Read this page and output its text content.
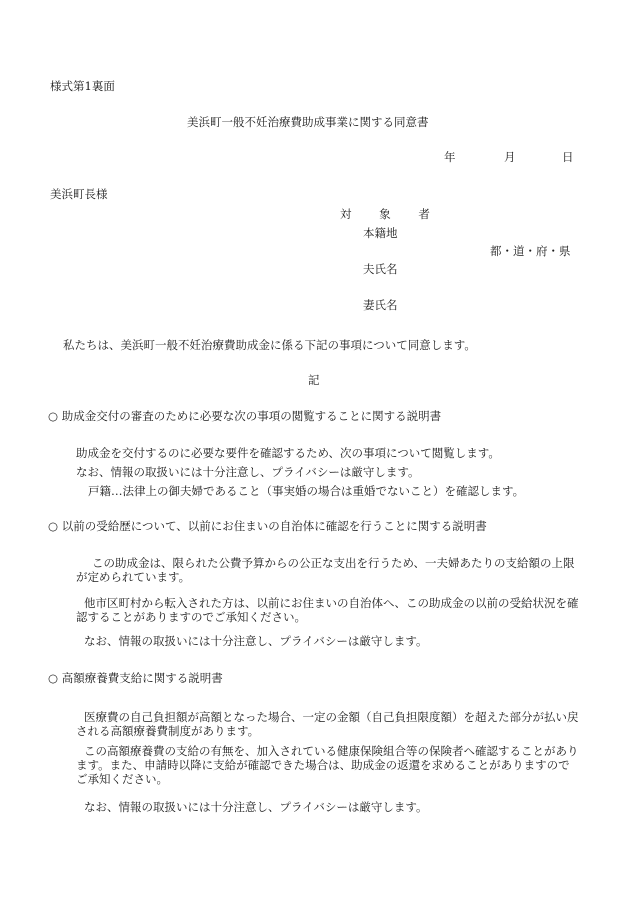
様式第1裏面
美浜町一般不妊治療費助成事業に関する同意書
年	月	日
美浜町長様
対 象 者
本籍地
都・道・府・県
夫氏名
妻氏名
私たちは、美浜町一般不妊治療費助成金に係る下記の事項について同意します。
記
○ 助成金交付の審査のために必要な次の事項の閲覧することに関する説明書
助成金を交付するのに必要な要件を確認するため、次の事項について閲覧します。
なお、情報の取扱いには十分注意し、プライバシーは厳守します。
戸籍…法律上の御夫婦であること（事実婚の場合は重婚でないこと）を確認します。
○ 以前の受給歴について、以前にお住まいの自治体に確認を行うことに関する説明書
この助成金は、限られた公費予算からの公正な支出を行うため、一夫婦あたりの支給額の上限が定められています。
他市区町村から転入された方は、以前にお住まいの自治体へ、この助成金の以前の受給状況を確認することがありますのでご承知ください。
なお、情報の取扱いには十分注意し、プライバシーは厳守します。
○ 高額療養費支給に関する説明書
医療費の自己負担額が高額となった場合、一定の金額（自己負担限度額）を超えた部分が払い戻される高額療養費制度があります。
この高額療養費の支給の有無を、加入されている健康保険組合等の保険者へ確認することがあります。また、申請時以降に支給が確認できた場合は、助成金の返還を求めることがありますのでご承知ください。
なお、情報の取扱いには十分注意し、プライバシーは厳守します。
